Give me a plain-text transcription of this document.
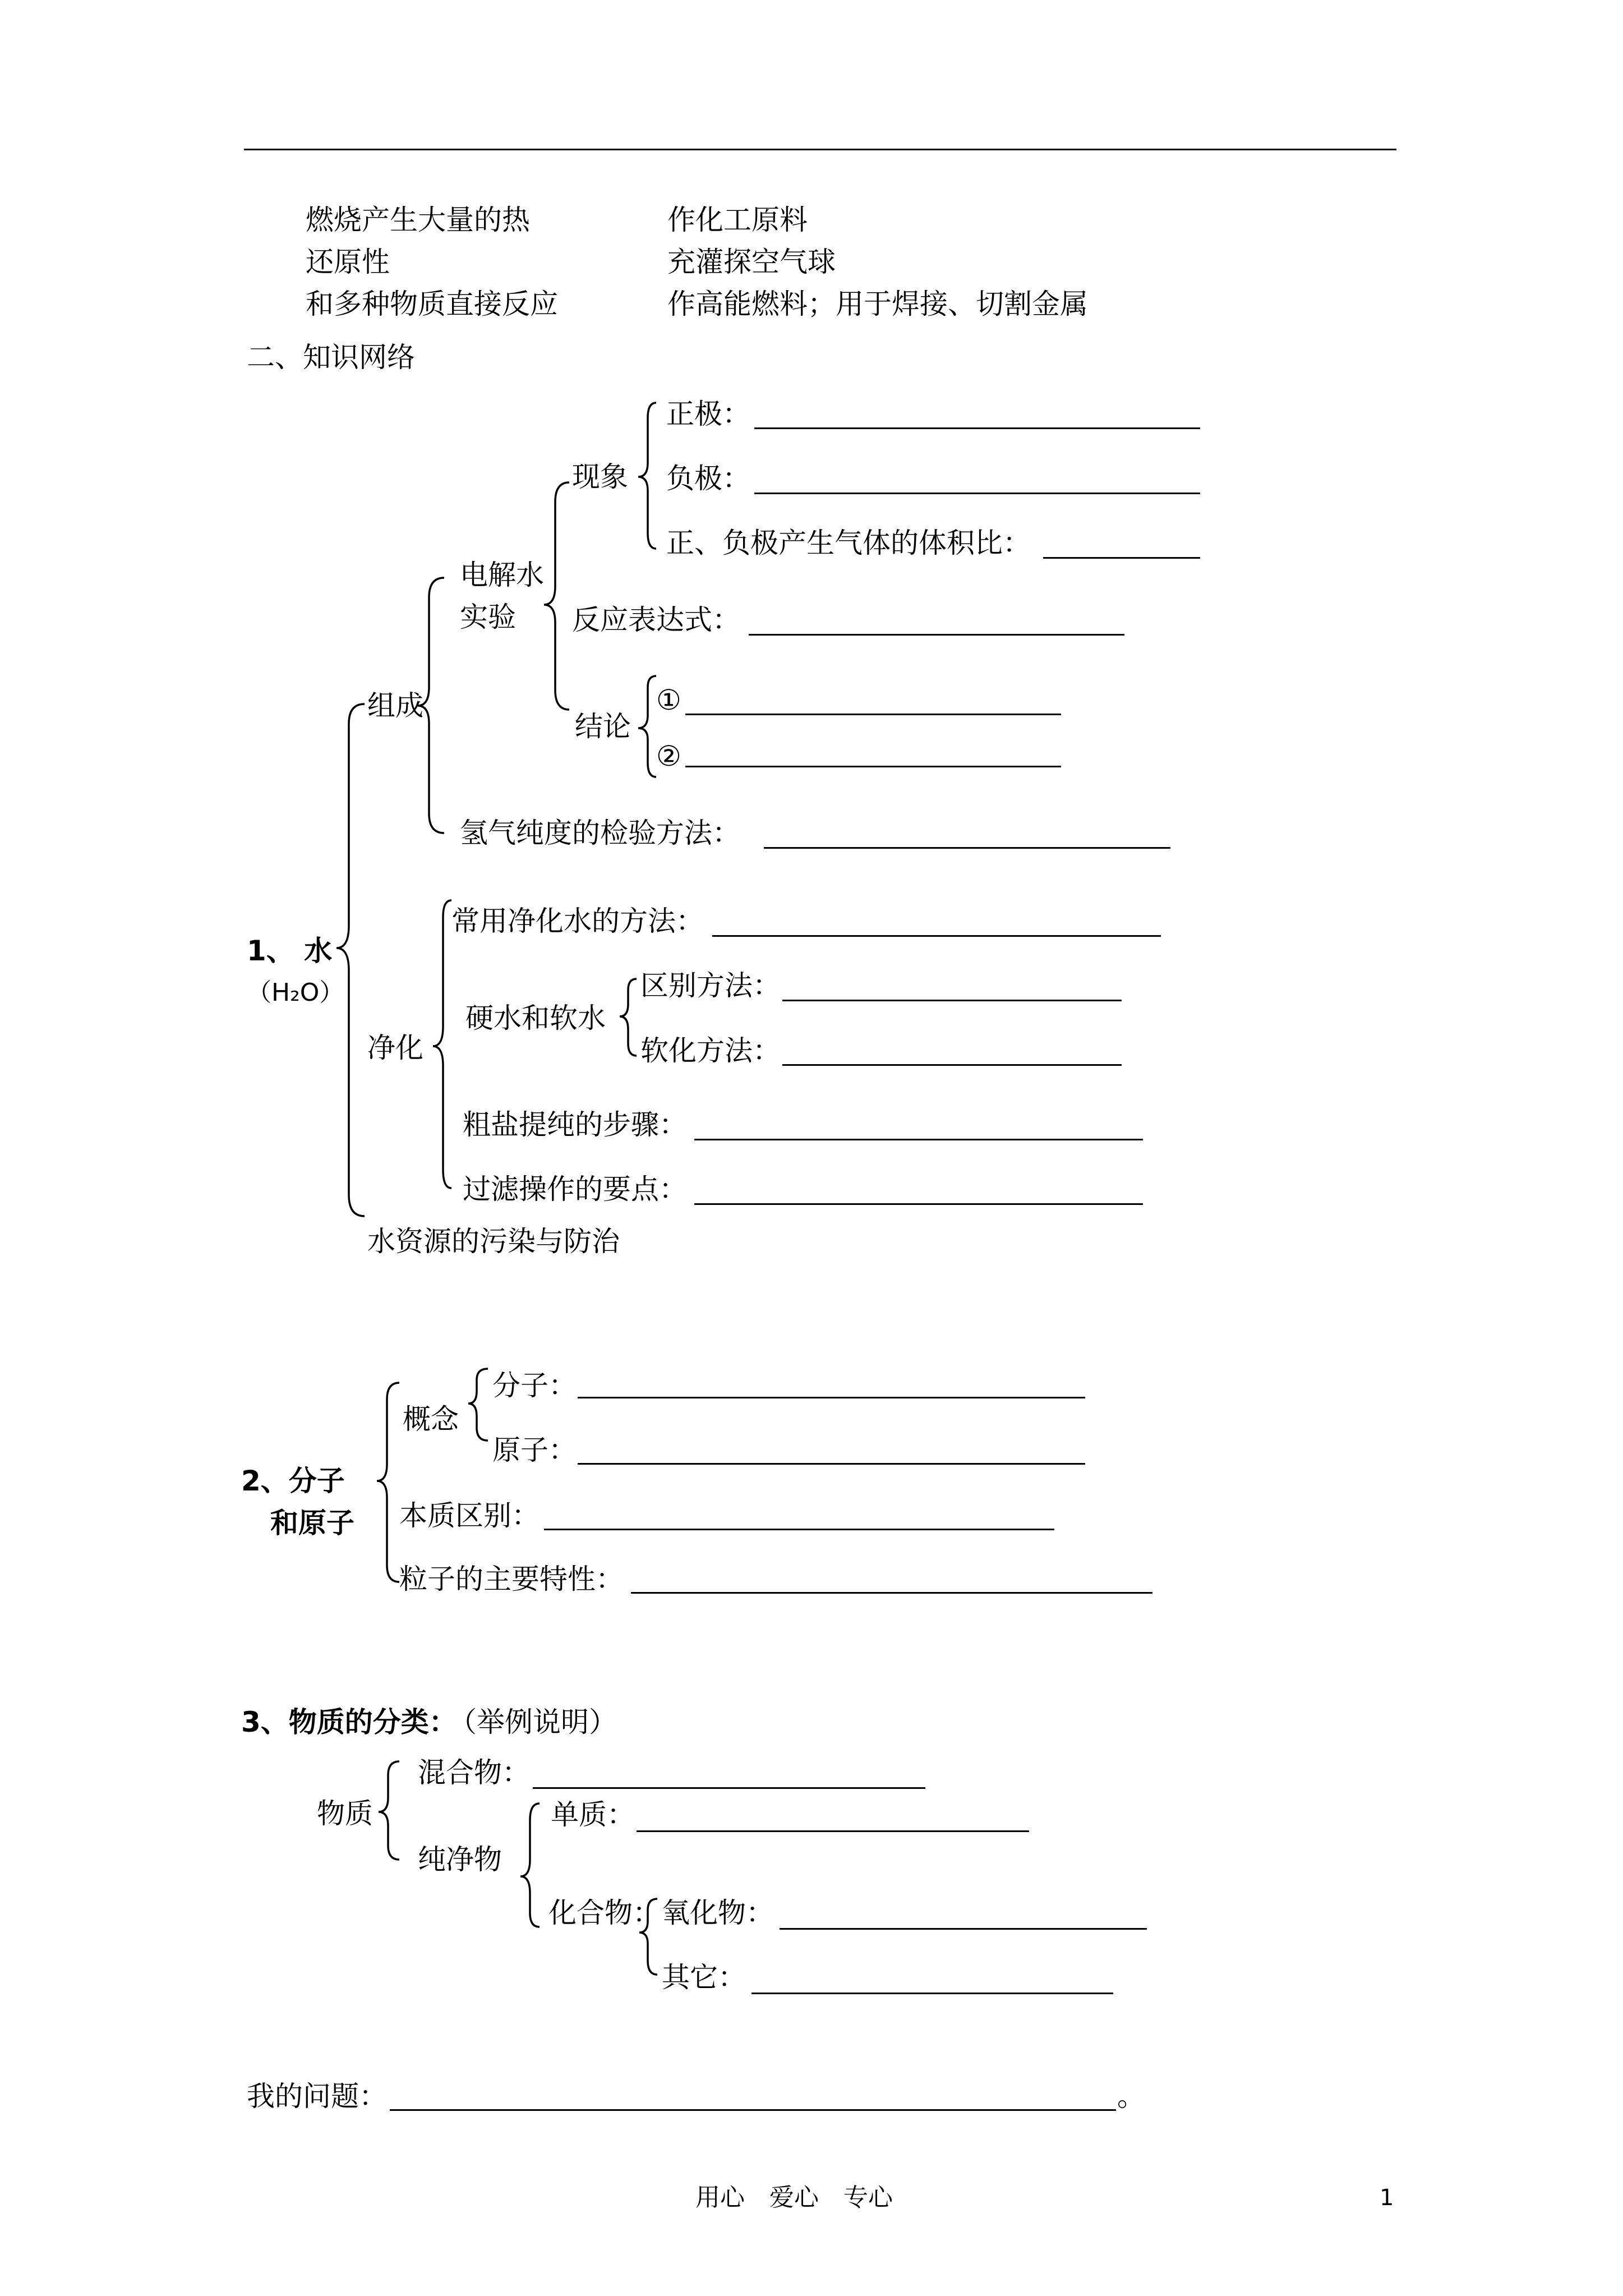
燃烧产生大量的热	作化工原料
还原性	充灌探空气球
和多种物质直接反应	作高能燃料；用于焊接、切割金属
二、知识网络
1、 水
（H₂O）
组成
电解水
实验
现象
正极：
负极：
正、负极产生气体的体积比：
反应表达式：
结论
①
②
氢气纯度的检验方法：
净化
常用净化水的方法：
硬水和软水
区别方法：
软化方法：
粗盐提纯的步骤：
过滤操作的要点：
水资源的污染与防治
2、分子
和原子
概念
分子：
原子：
本质区别：
粒子的主要特性：
3、物质的分类：
（举例说明）
物质
混合物：
纯净物
单质：
化合物： 氧化物：
其它：
我的问题：	。
用心　爱心　专心	1
